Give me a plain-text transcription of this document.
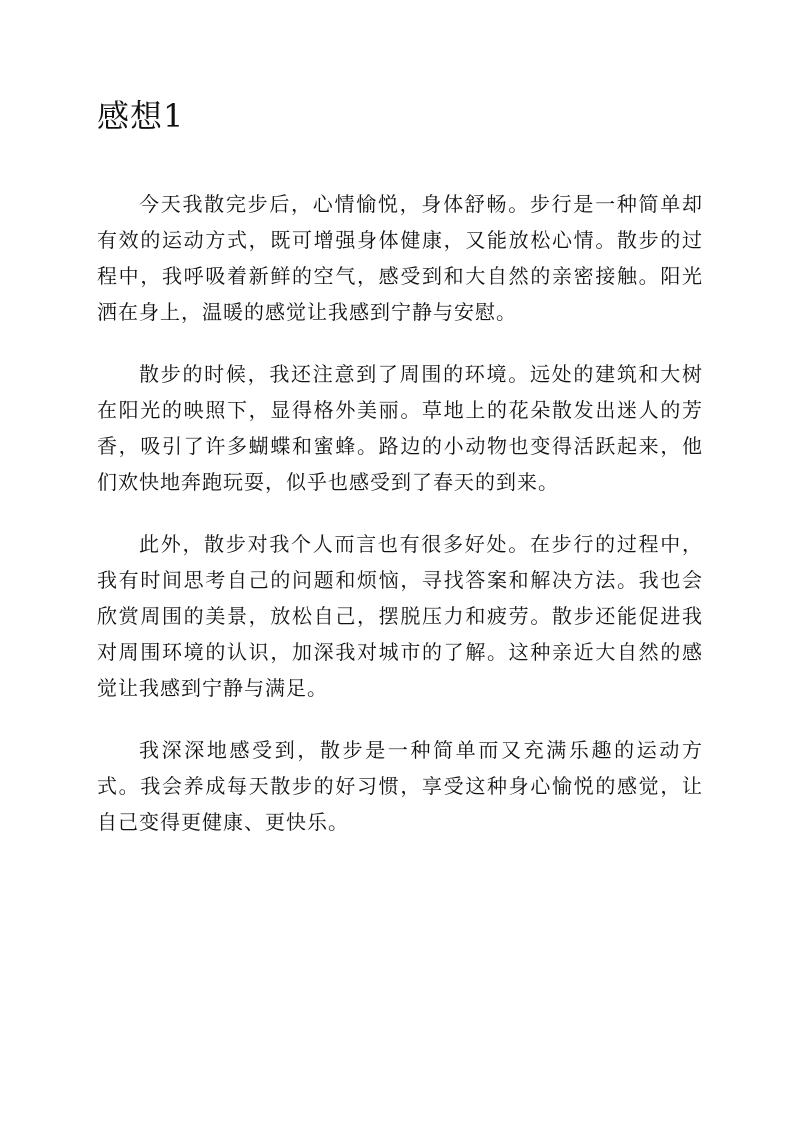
感想1

今天我散完步后，心情愉悦，身体舒畅。步行是一种简单却有效的运动方式，既可增强身体健康，又能放松心情。散步的过程中，我呼吸着新鲜的空气，感受到和大自然的亲密接触。阳光洒在身上，温暖的感觉让我感到宁静与安慰。

散步的时候，我还注意到了周围的环境。远处的建筑和大树在阳光的映照下，显得格外美丽。草地上的花朵散发出迷人的芳香，吸引了许多蝴蝶和蜜蜂。路边的小动物也变得活跃起来，他们欢快地奔跑玩耍，似乎也感受到了春天的到来。

此外，散步对我个人而言也有很多好处。在步行的过程中，我有时间思考自己的问题和烦恼，寻找答案和解决方法。我也会欣赏周围的美景，放松自己，摆脱压力和疲劳。散步还能促进我对周围环境的认识，加深我对城市的了解。这种亲近大自然的感觉让我感到宁静与满足。

我深深地感受到，散步是一种简单而又充满乐趣的运动方式。我会养成每天散步的好习惯，享受这种身心愉悦的感觉，让自己变得更健康、更快乐。
